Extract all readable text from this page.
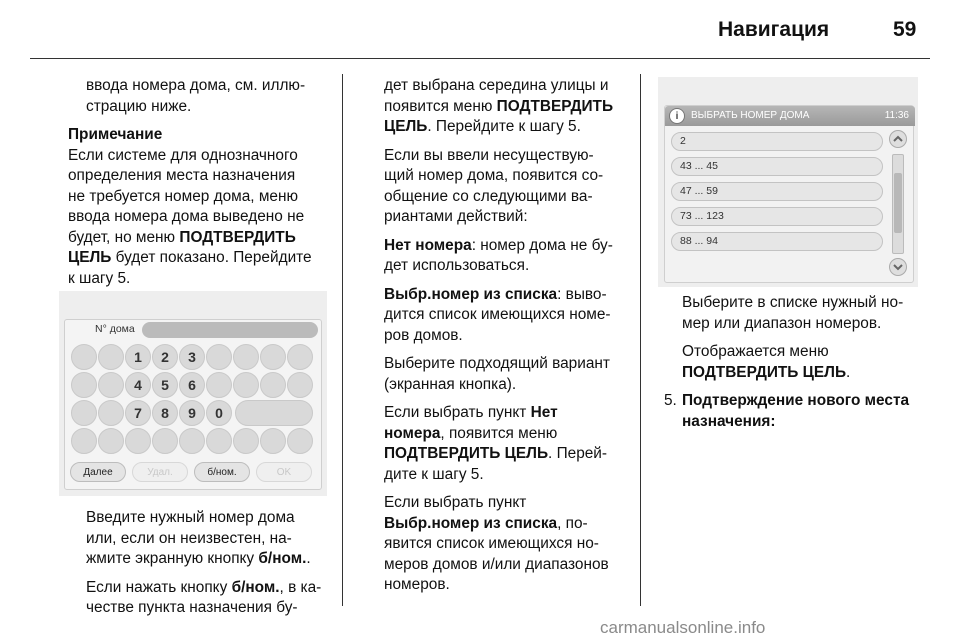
Навигация	59

ввода номера дома, см. иллю-
страцию ниже.

Примечание
Если системе для однозначного
определения места назначения
не требуется номер дома, меню
ввода номера дома выведено не
будет, но меню ПОДТВЕРДИТЬ
ЦЕЛЬ будет показано. Перейдите
к шагу 5.

N° дома
1	2	3
4	5	6
7	8	9	0
Далее	Удал.	б/ном.	OK

Введите нужный номер дома
или, если он неизвестен, на-
жмите экранную кнопку б/ном..

Если нажать кнопку б/ном., в ка-
честве пункта назначения бу-

дет выбрана середина улицы и
появится меню ПОДТВЕРДИТЬ
ЦЕЛЬ. Перейдите к шагу 5.

Если вы ввели несуществую-
щий номер дома, появится со-
общение со следующими ва-
риантами действий:

Нет номера: номер дома не бу-
дет использоваться.

Выбр.номер из списка: выво-
дится список имеющихся номе-
ров домов.

Выберите подходящий вариант
(экранная кнопка).

Если выбрать пункт Нет
номера, появится меню
ПОДТВЕРДИТЬ ЦЕЛЬ. Перей-
дите к шагу 5.

Если выбрать пункт
Выбр.номер из списка, по-
явится список имеющихся но-
меров домов и/или диапазонов
номеров.

i	ВЫБРАТЬ НОМЕР ДОМА	11:36
2
43 ... 45
47 ... 59
73 ... 123
88 ... 94

Выберите в списке нужный но-
мер или диапазон номеров.

Отображается меню
ПОДТВЕРДИТЬ ЦЕЛЬ.

5. Подтверждение нового места
назначения:

carmanualsonline.info
